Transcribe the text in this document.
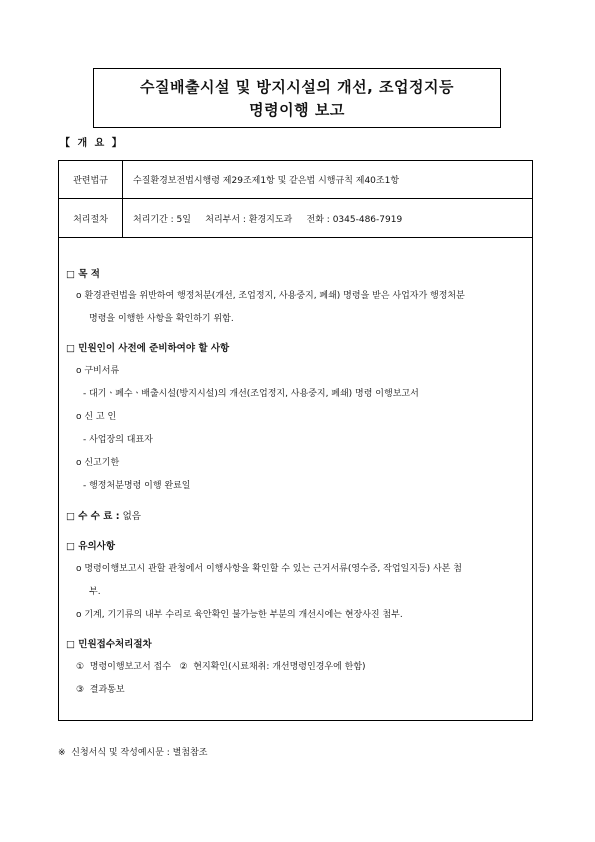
수질배출시설 및 방지시설의 개선, 조업정지등
명령이행 보고
【 개 요 】
관련법규	수질환경보전법시행령 제29조제1항 및 같은법 시행규칙 제40조1항
처리절차	처리기간 : 5일     처리부서 : 환경지도과     전화 : 0345-486-7919
□ 목 적
o 환경관련법을 위반하여 행정처분(개선, 조업정지, 사용중지, 폐쇄) 명령을 받은 사업자가 행정처분
명령을 이행한 사항을 확인하기 위함.
□ 민원인이 사전에 준비하여야 할 사항
o 구비서류
- 대기ㆍ폐수ㆍ배출시설(방지시설)의 개선(조업정지, 사용중지, 폐쇄) 명령 이행보고서
o 신 고 인
- 사업장의 대표자
o 신고기한
- 행정처분명령 이행 완료일
□ 수 수 료 : 없음
□ 유의사항
o 명령이행보고시 관할 관청에서 이행사항을 확인할 수 있는 근거서류(영수증, 작업일지등) 사본 첨
부.
o 기계, 기기류의 내부 수리로 육안확인 불가능한 부분의 개선시에는 현장사진 첨부.
□ 민원접수처리절차
①  명령이행보고서 접수   ②  현지확인(시료채취: 개선명령인경우에 한함)
③  결과통보
※  신청서식 및 작성예시문 : 별첨참조
